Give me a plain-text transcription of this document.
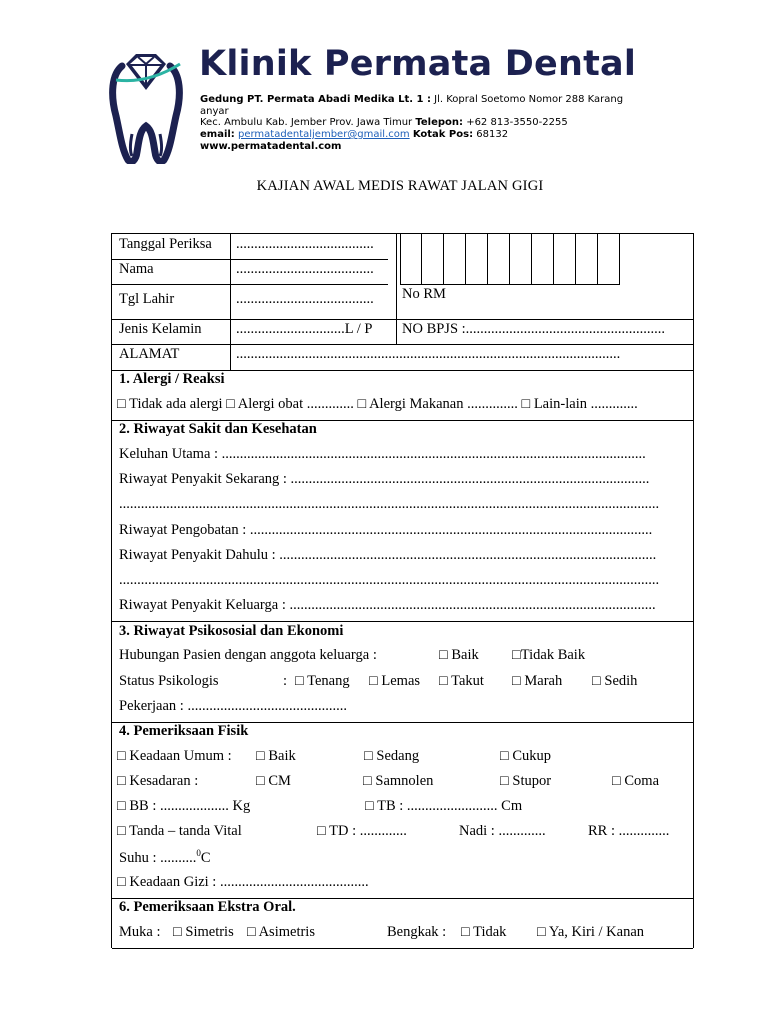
Klinik Permata Dental
Gedung PT. Permata Abadi Medika Lt. 1 : Jl. Kopral Soetomo Nomor 288 Karang
anyar
Kec. Ambulu Kab. Jember Prov. Jawa Timur Telepon: +62 813-3550-2255
email: permatadentaljember@gmail.com Kotak Pos: 68132
www.permatadental.com
KAJIAN AWAL MEDIS RAWAT JALAN GIGI
Tanggal Periksa ......................................
Nama	......................................
Tgl Lahir	...................................... No RM
Jenis Kelamin ..............................L / P NO BPJS :.......................................................
ALAMAT	..........................................................................................................
1. Alergi / Reaksi
□ Tidak ada alergi □ Alergi obat ............. □ Alergi Makanan .............. □ Lain-lain .............
2. Riwayat Sakit dan Kesehatan
Keluhan Utama : .....................................................................................................................
Riwayat Penyakit Sekarang : ...................................................................................................
.....................................................................................................................................................
Riwayat Pengobatan : ...............................................................................................................
Riwayat Penyakit Dahulu : ........................................................................................................
.....................................................................................................................................................
Riwayat Penyakit Keluarga : .....................................................................................................
3. Riwayat Psikososial dan Ekonomi
Hubungan Pasien dengan anggota keluarga :	□ Baik □Tidak Baik
Status Psikologis	: □ Tenang □ Lemas □ Takut □ Marah □ Sedih
Pekerjaan : ............................................
4. Pemeriksaan Fisik
□ Keadaan Umum : □ Baik	□ Sedang	□ Cukup
□ Kesadaran :	□ CM	□ Samnolen	□ Stupor	□ Coma
□ BB : ................... Kg	□ TB : ......................... Cm
□ Tanda – tanda Vital	□ TD : .............	Nadi : .............	RR : ..............
Suhu : ..........$^0$C
□ Keadaan Gizi : .........................................
6. Pemeriksaan Ekstra Oral.
Muka : □ Simetris □ Asimetris	Bengkak : □ Tidak □ Ya, Kiri / Kanan
